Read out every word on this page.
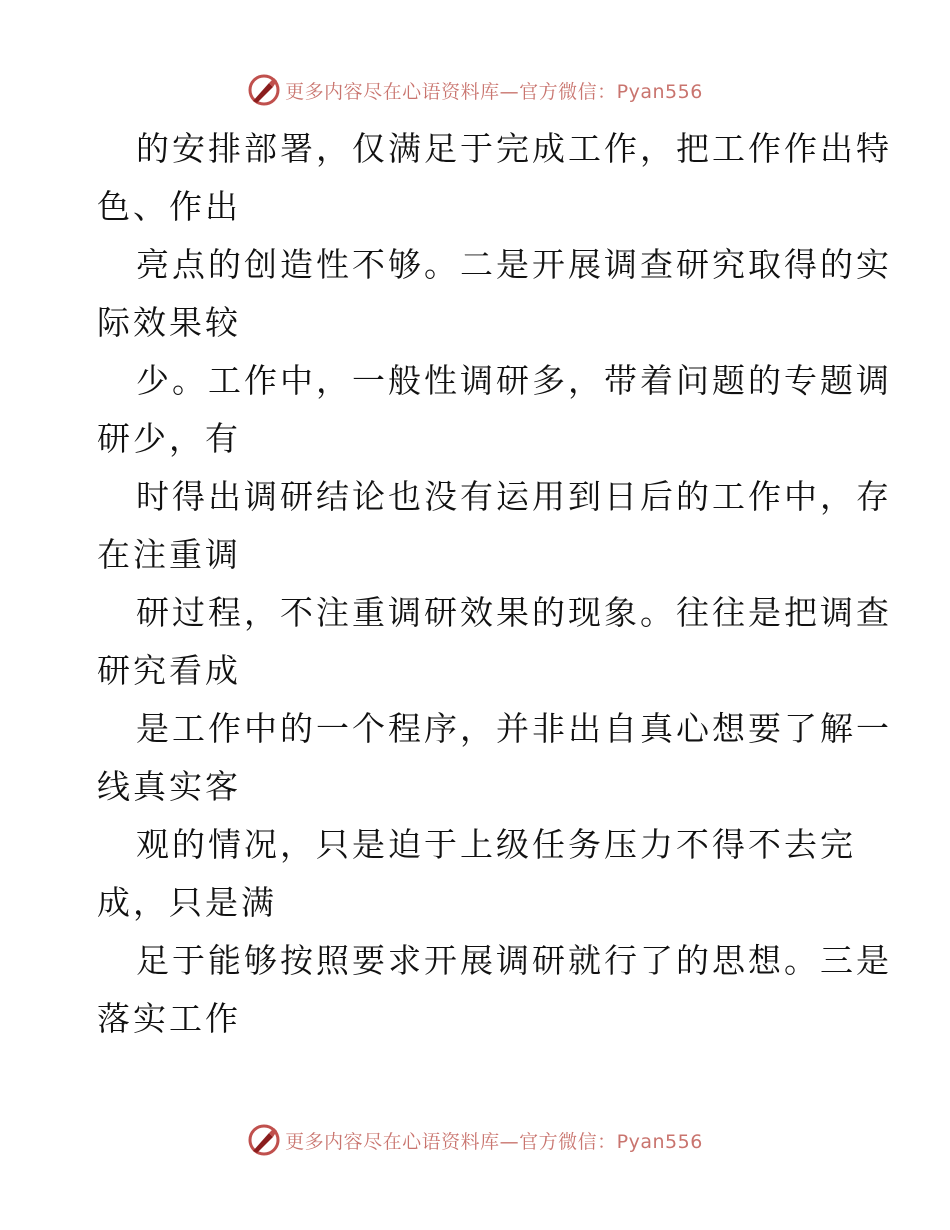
更多内容尽在心语资料库—官方微信：Pyan556
的安排部署，仅满足于完成工作，把工作作出特
色、作出
亮点的创造性不够。二是开展调查研究取得的实
际效果较
少。工作中，一般性调研多，带着问题的专题调
研少，有
时得出调研结论也没有运用到日后的工作中，存
在注重调
研过程，不注重调研效果的现象。往往是把调查
研究看成
是工作中的一个程序，并非出自真心想要了解一
线真实客
观的情况，只是迫于上级任务压力不得不去完
成，只是满
足于能够按照要求开展调研就行了的思想。三是
落实工作
更多内容尽在心语资料库—官方微信：Pyan556
